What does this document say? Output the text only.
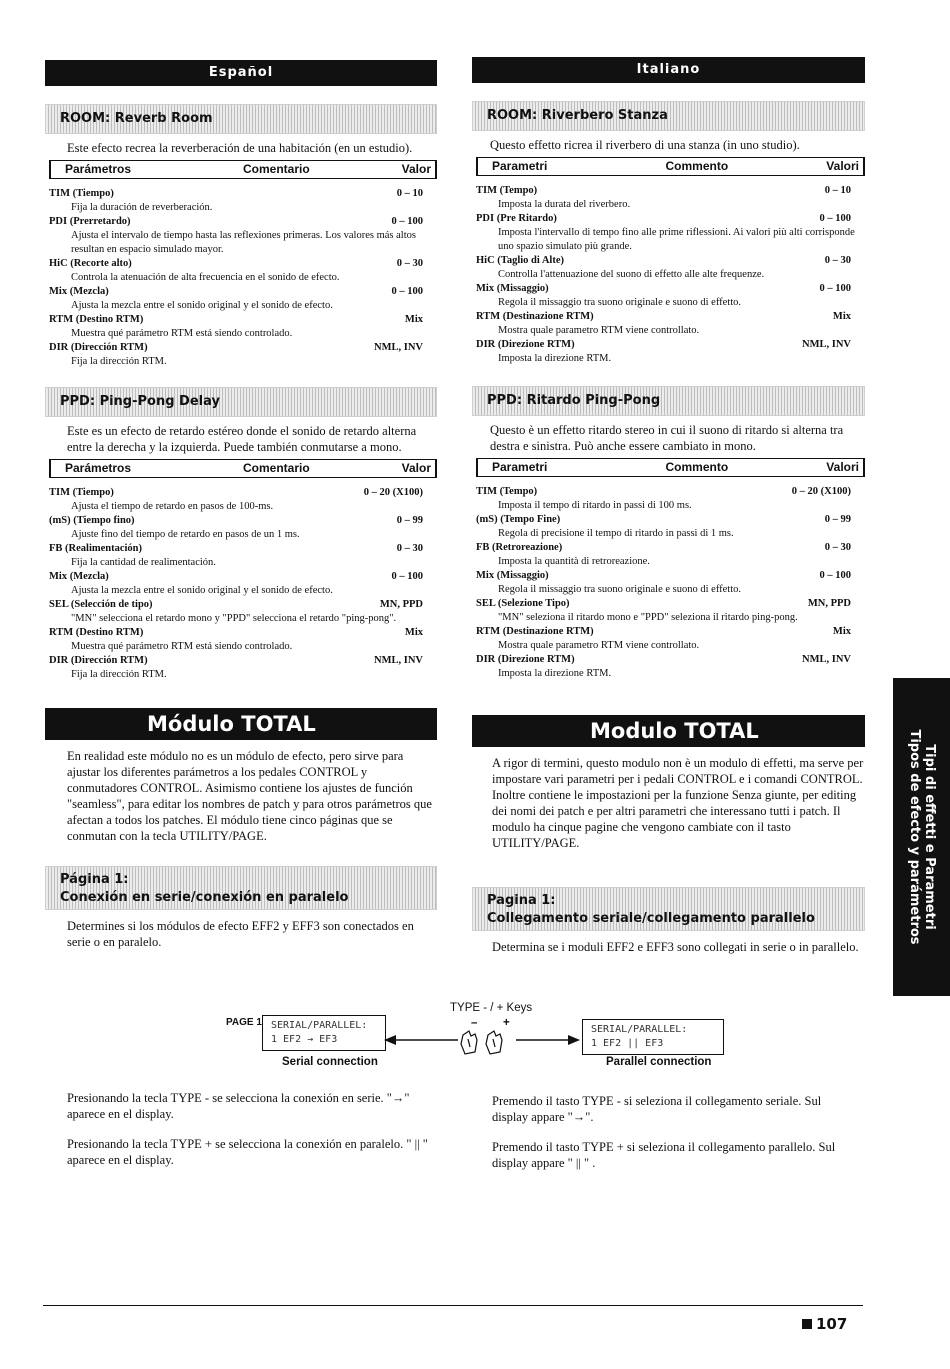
Español
ROOM: Reverb Room
Este efecto recrea la reverberación de una habitación (en un estudio).
Parámetros	Comentario	Valor
TIM (Tiempo)	0 – 10
Fija la duración de reverberación.
PDI (Prerretardo)	0 – 100
Ajusta el intervalo de tiempo hasta las reflexiones primeras. Los valores más altos resultan en espacio simulado mayor.
HiC (Recorte alto)	0 – 30
Controla la atenuación de alta frecuencia en el sonido de efecto.
Mix (Mezcla)	0 – 100
Ajusta la mezcla entre el sonido original y el sonido de efecto.
RTM (Destino RTM)	Mix
Muestra qué parámetro RTM está siendo controlado.
DIR (Dirección RTM)	NML, INV
Fija la dirección RTM.
PPD: Ping-Pong Delay
Este es un efecto de retardo estéreo donde el sonido de retardo alterna entre la derecha y la izquierda. Puede también conmutarse a mono.
Parámetros	Comentario	Valor
TIM (Tiempo)	0 – 20 (X100)
Ajusta el tiempo de retardo en pasos de 100-ms.
(mS) (Tiempo fino)	0 – 99
Ajuste fino del tiempo de retardo en pasos de un 1 ms.
FB (Realimentación)	0 – 30
Fija la cantidad de realimentación.
Mix (Mezcla)	0 – 100
Ajusta la mezcla entre el sonido original y el sonido de efecto.
SEL (Selección de tipo)	MN, PPD
"MN" selecciona el retardo mono y "PPD" selecciona el retardo "ping-pong".
RTM (Destino RTM)	Mix
Muestra qué parámetro RTM está siendo controlado.
DIR (Dirección RTM)	NML, INV
Fija la dirección RTM.
Módulo TOTAL
En realidad este módulo no es un módulo de efecto, pero sirve para ajustar los diferentes parámetros a los pedales CONTROL y conmutadores CONTROL. Asimismo contiene los ajustes de función "seamless", para editar los nombres de patch y para otros parámetros que afectan a todos los patches. El módulo tiene cinco páginas que se conmutan con la tecla UTILITY/PAGE.
Página 1:
Conexión en serie/conexión en paralelo
Determines si los módulos de efecto EFF2 y EFF3 son conectados en serie o en paralelo.
Italiano
ROOM: Riverbero Stanza
Questo effetto ricrea il riverbero di una stanza (in uno studio).
Parametri	Commento	Valori
TIM (Tempo)	0 – 10
Imposta la durata del riverbero.
PDI (Pre Ritardo)	0 – 100
Imposta l'intervallo di tempo fino alle prime riflessioni. Ai valori più alti corrisponde uno spazio simulato più grande.
HiC (Taglio di Alte)	0 – 30
Controlla l'attenuazione del suono di effetto alle alte frequenze.
Mix (Missaggio)	0 – 100
Regola il missaggio tra suono originale e suono di effetto.
RTM (Destinazione RTM)	Mix
Mostra quale parametro RTM viene controllato.
DIR (Direzione RTM)	NML, INV
Imposta la direzione RTM.
PPD: Ritardo Ping-Pong
Questo è un effetto ritardo stereo in cui il suono di ritardo si alterna tra destra e sinistra. Può anche essere cambiato in mono.
Parametri	Commento	Valori
TIM (Tempo)	0 – 20 (X100)
Imposta il tempo di ritardo in passi di 100 ms.
(mS) (Tempo Fine)	0 – 99
Regola di precisione il tempo di ritardo in passi di 1 ms.
FB (Retroreazione)	0 – 30
Imposta la quantità di retroreazione.
Mix (Missaggio)	0 – 100
Regola il missaggio tra suono originale e suono di effetto.
SEL (Selezione Tipo)	MN, PPD
"MN" seleziona il ritardo mono e "PPD" seleziona il ritardo ping-pong.
RTM (Destinazione RTM)	Mix
Mostra quale parametro RTM viene controllato.
DIR (Direzione RTM)	NML, INV
Imposta la direzione RTM.
Modulo TOTAL
A rigor di termini, questo modulo non è un modulo di effetti, ma serve per impostare vari parametri per i pedali CONTROL e i comandi CONTROL. Inoltre contiene le impostazioni per la funzione Senza giunte, per editing dei nomi dei patch e per altri parametri che interessano tutti i patch. Il modulo ha cinque pagine che vengono cambiate con il tasto UTILITY/PAGE.
Pagina 1:
Collegamento seriale/collegamento parallelo
Determina se i moduli EFF2 e EFF3 sono collegati in serie o in parallelo.
Tipi di effetti e Parametri
Tipos de efecto y parámetros
TYPE - / + Keys
PAGE 1 SERIAL/PARALLEL:
1 EF2 → EF3
SERIAL/PARALLEL:
1 EF2 || EF3
– +
Serial connection	Parallel connection
Presionando la tecla TYPE - se selecciona la conexión en serie. "→" aparece en el display.
Presionando la tecla TYPE + se selecciona la conexión en paralelo. " || " aparece en el display.
Premendo il tasto TYPE - si seleziona il collegamento seriale. Sul display appare "→".
Premendo il tasto TYPE + si seleziona il collegamento parallelo. Sul display appare " || " .
107
